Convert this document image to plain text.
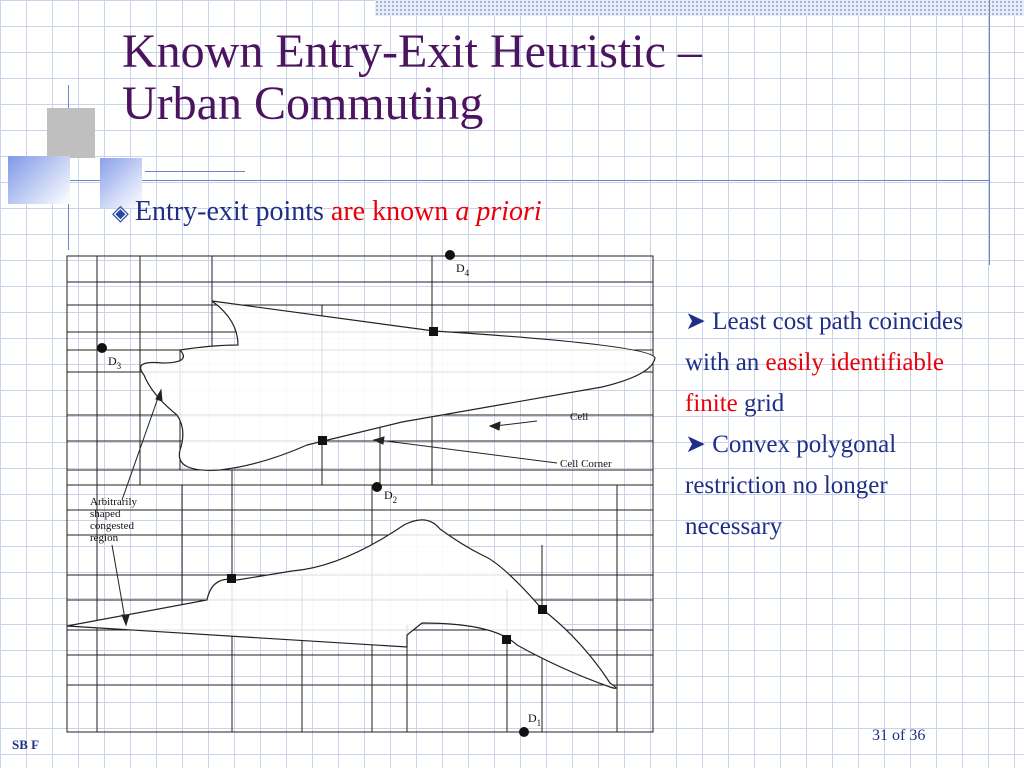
Known Entry-Exit Heuristic –
Urban Commuting
◈ Entry-exit points are known a priori
$D_4$
$D_3$
$D_2$
$D_1$
Cell
Cell Corner
Arbitrarily
shaped
congested
region

➤ Least cost path coincides with an easily identifiable finite grid

➤ Convex polygonal restriction no longer necessary

SB F
31 of 36
